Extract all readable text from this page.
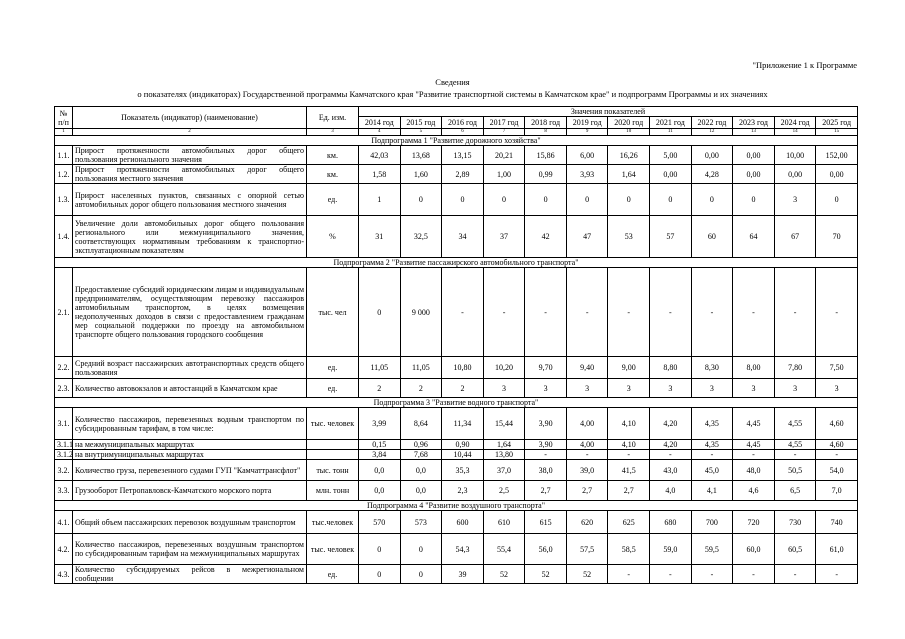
"Приложение 1 к Программе
Сведения
о показателях (индикаторах) Государственной программы Камчатского края "Развитие транспортной системы в Камчатском крае" и подпрограмм Программы и их значениях
№ п/п	Показатель (индикатор) (наименование)	Ед. изм.	Значения показателей											
			2014 год	2015 год	2016 год	2017 год	2018 год	2019 год	2020 год	2021 год	2022 год	2023 год	2024 год	2025 год
1	2	3	4	5	6	7	8	9	10	11	12	13	14	15
Подпрограмма 1 "Развитие дорожного хозяйства"														
1.1.	Прирост протяженности автомобильных дорог общего пользования регионального значения	км.	42,03	13,68	13,15	20,21	15,86	6,00	16,26	5,00	0,00	0,00	10,00	152,00
1.2.	Прирост протяженности автомобильных дорог общего пользования местного значения	км.	1,58	1,60	2,89	1,00	0,99	3,93	1,64	0,00	4,28	0,00	0,00	0,00
1.3.	Прирост населенных пунктов, связанных с опорной сетью автомобильных дорог общего пользования местного значения	ед.	1	0	0	0	0	0	0	0	0	0	3	0
1.4.	Увеличение доли автомобильных дорог общего пользования регионального или межмуниципального значения, соответствующих нормативным требованиям к транспортно-эксплуатационным показателям	%	31	32,5	34	37	42	47	53	57	60	64	67	70
Подпрограмма 2 "Развитие пассажирского автомобильного транспорта"														
2.1.	Предоставление субсидий юридическим лицам и индивидуальным предпринимателям, осуществляющим перевозку пассажиров автомобильным транспортом, в целях возмещения недополученных доходов в связи с предоставлением гражданам мер социальной поддержки по проезду на автомобильном транспорте общего пользования городского сообщения	тыс. чел	0	9 000	-	-	-	-	-	-	-	-	-	-
2.2.	Средний возраст пассажирских автотранспортных средств общего пользования	ед.	11,05	11,05	10,80	10,20	9,70	9,40	9,00	8,80	8,30	8,00	7,80	7,50
2.3.	Количество автовокзалов и автостанций в Камчатском крае	ед.	2	2	2	3	3	3	3	3	3	3	3	3
Подпрограмма 3 "Развитие водного транспорта"														
3.1.	Количество пассажиров, перевезенных водным транспортом по субсидированным тарифам, в том числе:	тыс. человек	3,99	8,64	11,34	15,44	3,90	4,00	4,10	4,20	4,35	4,45	4,55	4,60
3.1.1	на межмуниципальных маршрутах		0,15	0,96	0,90	1,64	3,90	4,00	4,10	4,20	4,35	4,45	4,55	4,60
3.1.2	на внутримуниципальных маршрутах		3,84	7,68	10,44	13,80	-	-	-	-	-	-	-	-
3.2.	Количество груза, перевезенного судами ГУП "Камчаттрансфлот"	тыс. тонн	0,0	0,0	35,3	37,0	38,0	39,0	41,5	43,0	45,0	48,0	50,5	54,0
3.3.	Грузооборот Петропавловск-Камчатского морского порта	млн. тонн	0,0	0,0	2,3	2,5	2,7	2,7	2,7	4,0	4,1	4,6	6,5	7,0
Подпрограмма 4 "Развитие воздушного транспорта"														
4.1.	Общий объем пассажирских перевозок воздушным транспортом	тыс.человек	570	573	600	610	615	620	625	680	700	720	730	740
4.2.	Количество пассажиров, перевезенных воздушным транспортом по субсидированным тарифам на межмуниципальных маршрутах	тыс. человек	0	0	54,3	55,4	56,0	57,5	58,5	59,0	59,5	60,0	60,5	61,0
4.3.	Количество субсидируемых рейсов в межрегиональном сообщении	ед.	0	0	39	52	52	52	-	-	-	-	-	-
